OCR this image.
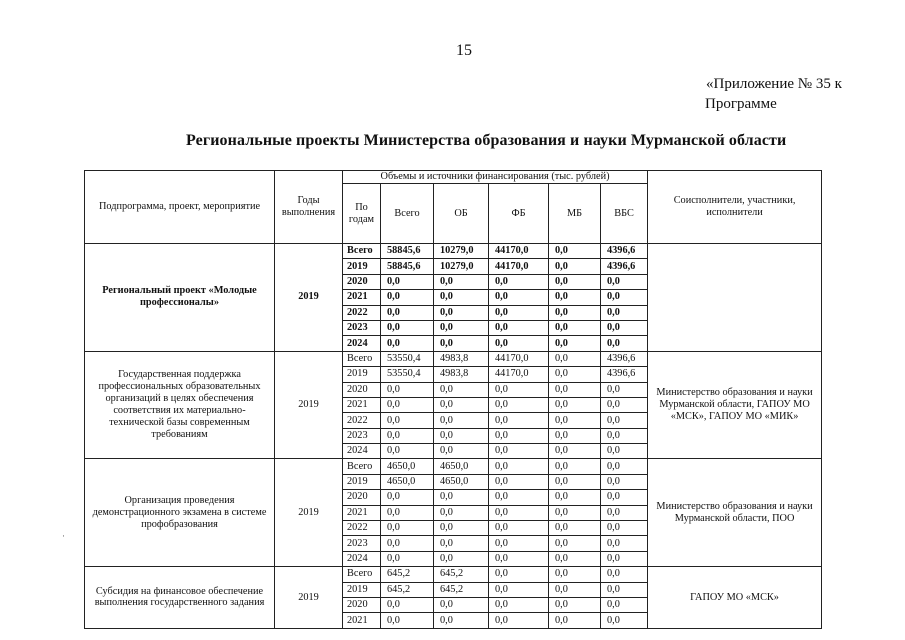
15
«Приложение № 35 к
Программе
Региональные проекты Министерства образования и науки Мурманской области
·
Подпрограмма, проект, мероприятие	Годы выполнения	Объемы и источники финансирования (тыс. рублей)						Соисполнители, участники, исполнители
		По годам	Всего	ОБ	ФБ	МБ	ВБС	
Региональный проект «Молодые профессионалы»	2019	Всего	58845,6	10279,0	44170,0	0,0	4396,6	
		2019	58845,6	10279,0	44170,0	0,0	4396,6	
		2020	0,0	0,0	0,0	0,0	0,0	
		2021	0,0	0,0	0,0	0,0	0,0	
		2022	0,0	0,0	0,0	0,0	0,0	
		2023	0,0	0,0	0,0	0,0	0,0	
		2024	0,0	0,0	0,0	0,0	0,0	
Государственная поддержка профессиональных образовательных организаций в целях обеспечения соответствия их материально-технической базы современным требованиям	2019	Всего	53550,4	4983,8	44170,0	0,0	4396,6	Министерство образования и науки Мурманской области, ГАПОУ МО «МСК», ГАПОУ МО «МИК»
		2019	53550,4	4983,8	44170,0	0,0	4396,6	
		2020	0,0	0,0	0,0	0,0	0,0	
		2021	0,0	0,0	0,0	0,0	0,0	
		2022	0,0	0,0	0,0	0,0	0,0	
		2023	0,0	0,0	0,0	0,0	0,0	
		2024	0,0	0,0	0,0	0,0	0,0	
Организация проведения демонстрационного экзамена в системе профобразования	2019	Всего	4650,0	4650,0	0,0	0,0	0,0	Министерство образования и науки Мурманской области, ПОО
		2019	4650,0	4650,0	0,0	0,0	0,0	
		2020	0,0	0,0	0,0	0,0	0,0	
		2021	0,0	0,0	0,0	0,0	0,0	
		2022	0,0	0,0	0,0	0,0	0,0	
		2023	0,0	0,0	0,0	0,0	0,0	
		2024	0,0	0,0	0,0	0,0	0,0	
Субсидия на финансовое обеспечение выполнения государственного задания	2019	Всего	645,2	645,2	0,0	0,0	0,0	ГАПОУ МО «МСК»
		2019	645,2	645,2	0,0	0,0	0,0	
		2020	0,0	0,0	0,0	0,0	0,0	
		2021	0,0	0,0	0,0	0,0	0,0	
